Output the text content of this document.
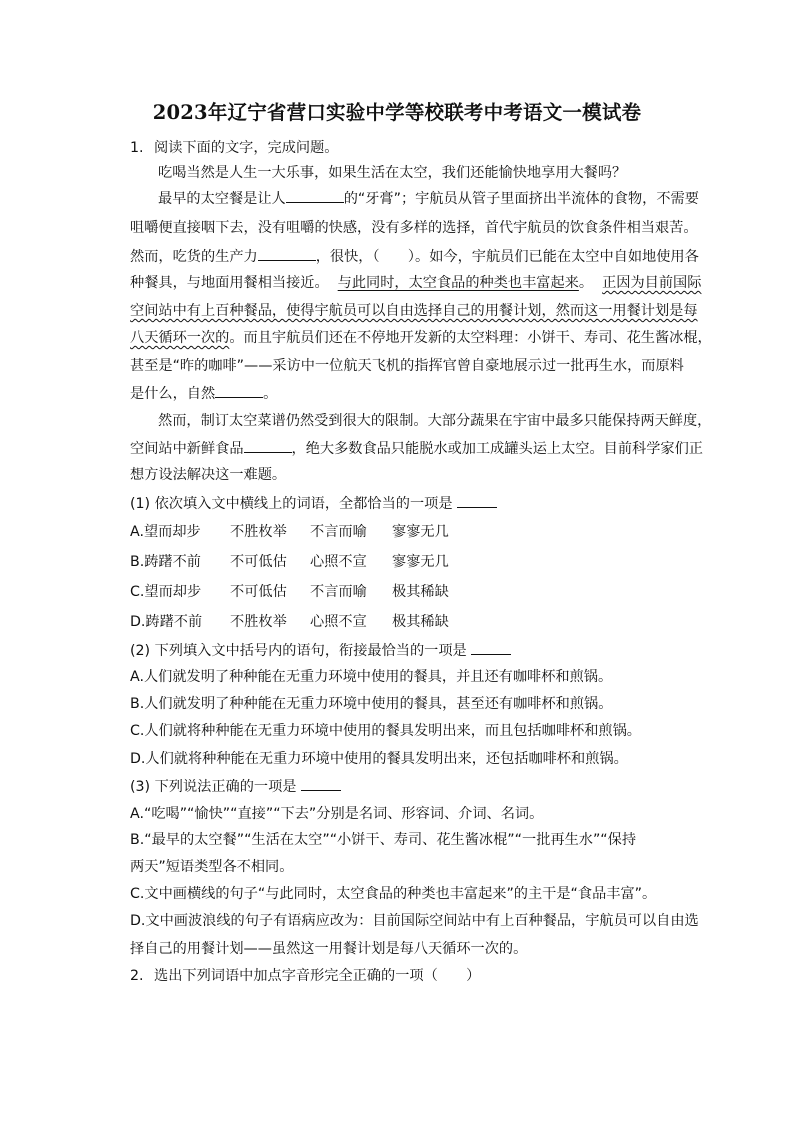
2023年辽宁省营口实验中学等校联考中考语文一模试卷
1. 阅读下面的文字，完成问题。
吃喝当然是人生一大乐事，如果生活在太空，我们还能愉快地享用大餐吗？
最早的太空餐是让人	的“牙膏”；宇航员从管子里面挤出半流体的食物，不需要
咀嚼便直接咽下去，没有咀嚼的快感，没有多样的选择，首代宇航员的饮食条件相当艰苦。
然而，吃货的生产力	，很快，（　　）。如今，宇航员们已能在太空中自如地使用各
种餐具，与地面用餐相当接近。 与此同时，太空食品的种类也丰富起来。 正因为目前国际
空间站中有上百种餐品，使得宇航员可以自由选择自己的用餐计划，然而这一用餐计划是每
八天循环一次的。而且宇航员们还在不停地开发新的太空料理：小饼干、寿司、花生酱冰棍，
甚至是“昨的咖啡”——采访中一位航天飞机的指挥官曾自豪地展示过一批再生水，而原料
是什么，自然	。
然而，制订太空菜谱仍然受到很大的限制。大部分蔬果在宇宙中最多只能保持两天鲜度，
空间站中新鲜食品	，绝大多数食品只能脱水或加工成罐头运上太空。目前科学家们正
想方设法解决这一难题。
(1) 依次填入文中横线上的词语，全都恰当的一项是
A.望而却步 不胜枚举 不言而喻 寥寥无几
B.踌躇不前 不可低估 心照不宣 寥寥无几
C.望而却步 不可低估 不言而喻 极其稀缺
D.踌躇不前 不胜枚举 心照不宣 极其稀缺
(2) 下列填入文中括号内的语句，衔接最恰当的一项是
A.人们就发明了种种能在无重力环境中使用的餐具，并且还有咖啡杯和煎锅。
B.人们就发明了种种能在无重力环境中使用的餐具，甚至还有咖啡杯和煎锅。
C.人们就将种种能在无重力环境中使用的餐具发明出来，而且包括咖啡杯和煎锅。
D.人们就将种种能在无重力环境中使用的餐具发明出来，还包括咖啡杯和煎锅。
(3) 下列说法正确的一项是
A.“吃喝”“愉快”“直接”“下去”分别是名词、形容词、介词、名词。
B.“最早的太空餐”“生活在太空”“小饼干、寿司、花生酱冰棍”“一批再生水”“保持
两天”短语类型各不相同。
C.文中画横线的句子“与此同时，太空食品的种类也丰富起来”的主干是“食品丰富”。
D.文中画波浪线的句子有语病应改为：目前国际空间站中有上百种餐品，宇航员可以自由选
择自己的用餐计划——虽然这一用餐计划是每八天循环一次的。
2. 选出下列词语中加点字音形完全正确的一项（　　）
